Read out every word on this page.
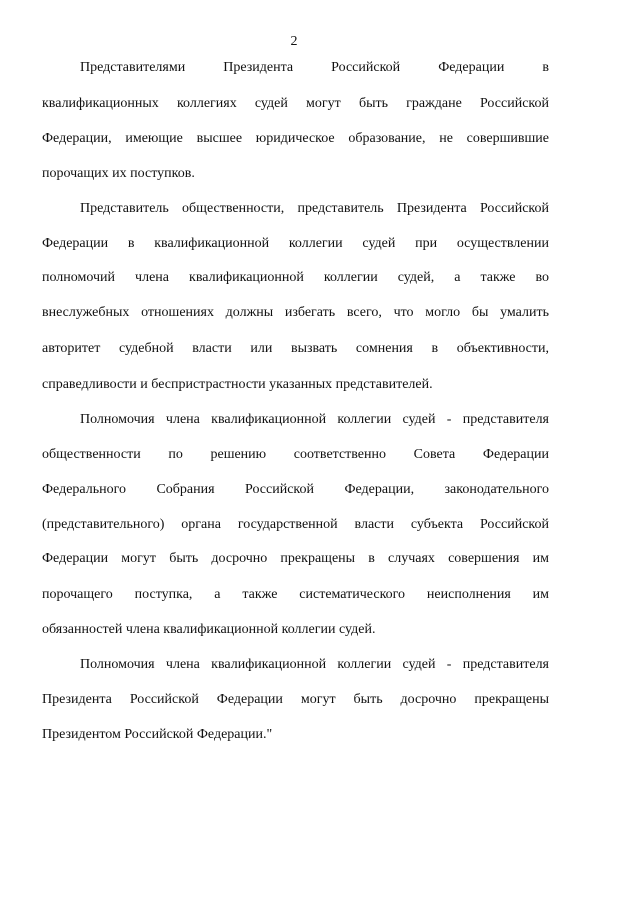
2
Представителями Президента Российской Федерации в
квалификационных коллегиях судей могут быть граждане Российской
Федерации, имеющие высшее юридическое образование, не совершившие
порочащих их поступков.
Представитель общественности, представитель Президента Российской
Федерации в квалификационной коллегии судей при осуществлении
полномочий члена квалификационной коллегии судей, а также во
внеслужебных отношениях должны избегать всего, что могло бы умалить
авторитет судебной власти или вызвать сомнения в объективности,
справедливости и беспристрастности указанных представителей.
Полномочия члена квалификационной коллегии судей - представителя
общественности по решению соответственно Совета Федерации
Федерального Собрания Российской Федерации, законодательного
(представительного) органа государственной власти субъекта Российской
Федерации могут быть досрочно прекращены в случаях совершения им
порочащего поступка, а также систематического неисполнения им
обязанностей члена квалификационной коллегии судей.
Полномочия члена квалификационной коллегии судей - представителя
Президента Российской Федерации могут быть досрочно прекращены
Президентом Российской Федерации."
